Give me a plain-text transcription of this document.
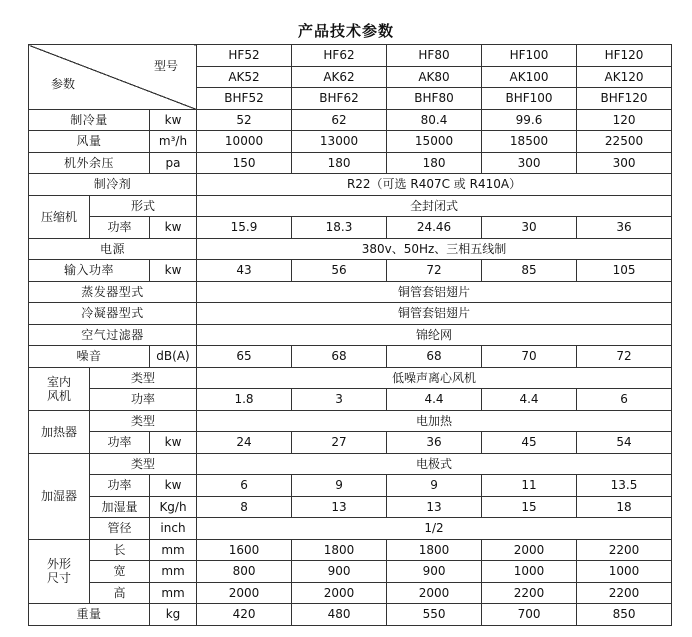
产品技术参数
型号
参数			HF52	HF62	HF80	HF100	HF120
			AK52	AK62	AK80	AK100	AK120
			BHF52	BHF62	BHF80	BHF100	BHF120
制冷量		kw	52	62	80.4	99.6	120
风量		m³/h	10000	13000	15000	18500	22500
机外余压		pa	150	180	180	300	300
制冷剂			R22（可选 R407C 或 R410A）				
压缩机	形式		全封闭式				
	功率	kw	15.9	18.3	24.46	30	36
电源			380v、50Hz、三相五线制				
输入功率		kw	43	56	72	85	105
蒸发器型式			铜管套铝翅片				
冷凝器型式			铜管套铝翅片				
空气过滤器			锦纶网				
噪音		dB(A)	65	68	68	70	72
室内
风机	类型		低噪声离心风机				
	功率		1.8	3	4.4	4.4	6
加热器	类型		电加热				
	功率	kw	24	27	36	45	54
加湿器	类型		电极式				
	功率	kw	6	9	9	11	13.5
	加湿量	Kg/h	8	13	13	15	18
	管径	inch	1/2				
外形
尺寸	长	mm	1600	1800	1800	2000	2200
	宽	mm	800	900	900	1000	1000
	高	mm	2000	2000	2000	2200	2200
重量		kg	420	480	550	700	850
